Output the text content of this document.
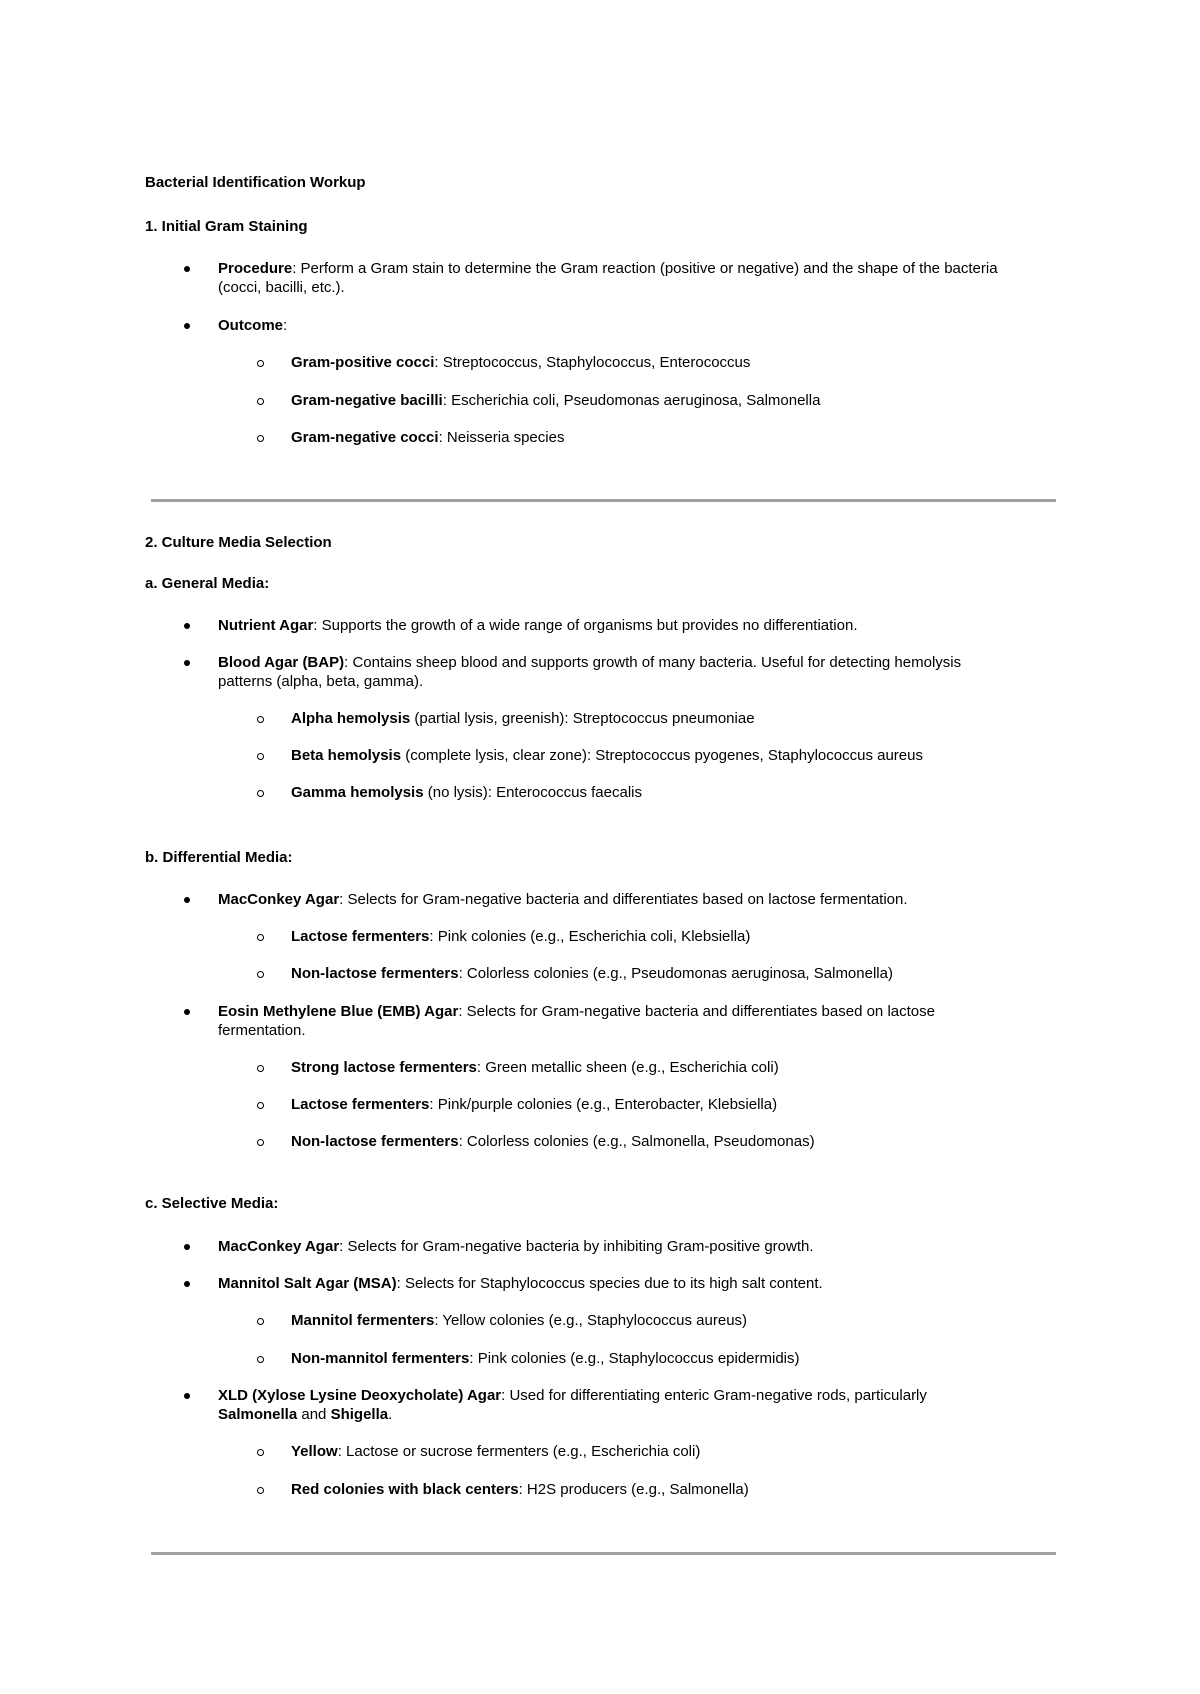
Bacterial Identification Workup
1. Initial Gram Staining
Procedure: Perform a Gram stain to determine the Gram reaction (positive or negative) and the shape of the bacteria (cocci, bacilli, etc.).
Outcome:
Gram-positive cocci: Streptococcus, Staphylococcus, Enterococcus
Gram-negative bacilli: Escherichia coli, Pseudomonas aeruginosa, Salmonella
Gram-negative cocci: Neisseria species
2. Culture Media Selection
a. General Media:
Nutrient Agar: Supports the growth of a wide range of organisms but provides no differentiation.
Blood Agar (BAP): Contains sheep blood and supports growth of many bacteria. Useful for detecting hemolysis patterns (alpha, beta, gamma).
Alpha hemolysis (partial lysis, greenish): Streptococcus pneumoniae
Beta hemolysis (complete lysis, clear zone): Streptococcus pyogenes, Staphylococcus aureus
Gamma hemolysis (no lysis): Enterococcus faecalis
b. Differential Media:
MacConkey Agar: Selects for Gram-negative bacteria and differentiates based on lactose fermentation.
Lactose fermenters: Pink colonies (e.g., Escherichia coli, Klebsiella)
Non-lactose fermenters: Colorless colonies (e.g., Pseudomonas aeruginosa, Salmonella)
Eosin Methylene Blue (EMB) Agar: Selects for Gram-negative bacteria and differentiates based on lactose fermentation.
Strong lactose fermenters: Green metallic sheen (e.g., Escherichia coli)
Lactose fermenters: Pink/purple colonies (e.g., Enterobacter, Klebsiella)
Non-lactose fermenters: Colorless colonies (e.g., Salmonella, Pseudomonas)
c. Selective Media:
MacConkey Agar: Selects for Gram-negative bacteria by inhibiting Gram-positive growth.
Mannitol Salt Agar (MSA): Selects for Staphylococcus species due to its high salt content.
Mannitol fermenters: Yellow colonies (e.g., Staphylococcus aureus)
Non-mannitol fermenters: Pink colonies (e.g., Staphylococcus epidermidis)
XLD (Xylose Lysine Deoxycholate) Agar: Used for differentiating enteric Gram-negative rods, particularly Salmonella and Shigella.
Yellow: Lactose or sucrose fermenters (e.g., Escherichia coli)
Red colonies with black centers: H2S producers (e.g., Salmonella)
